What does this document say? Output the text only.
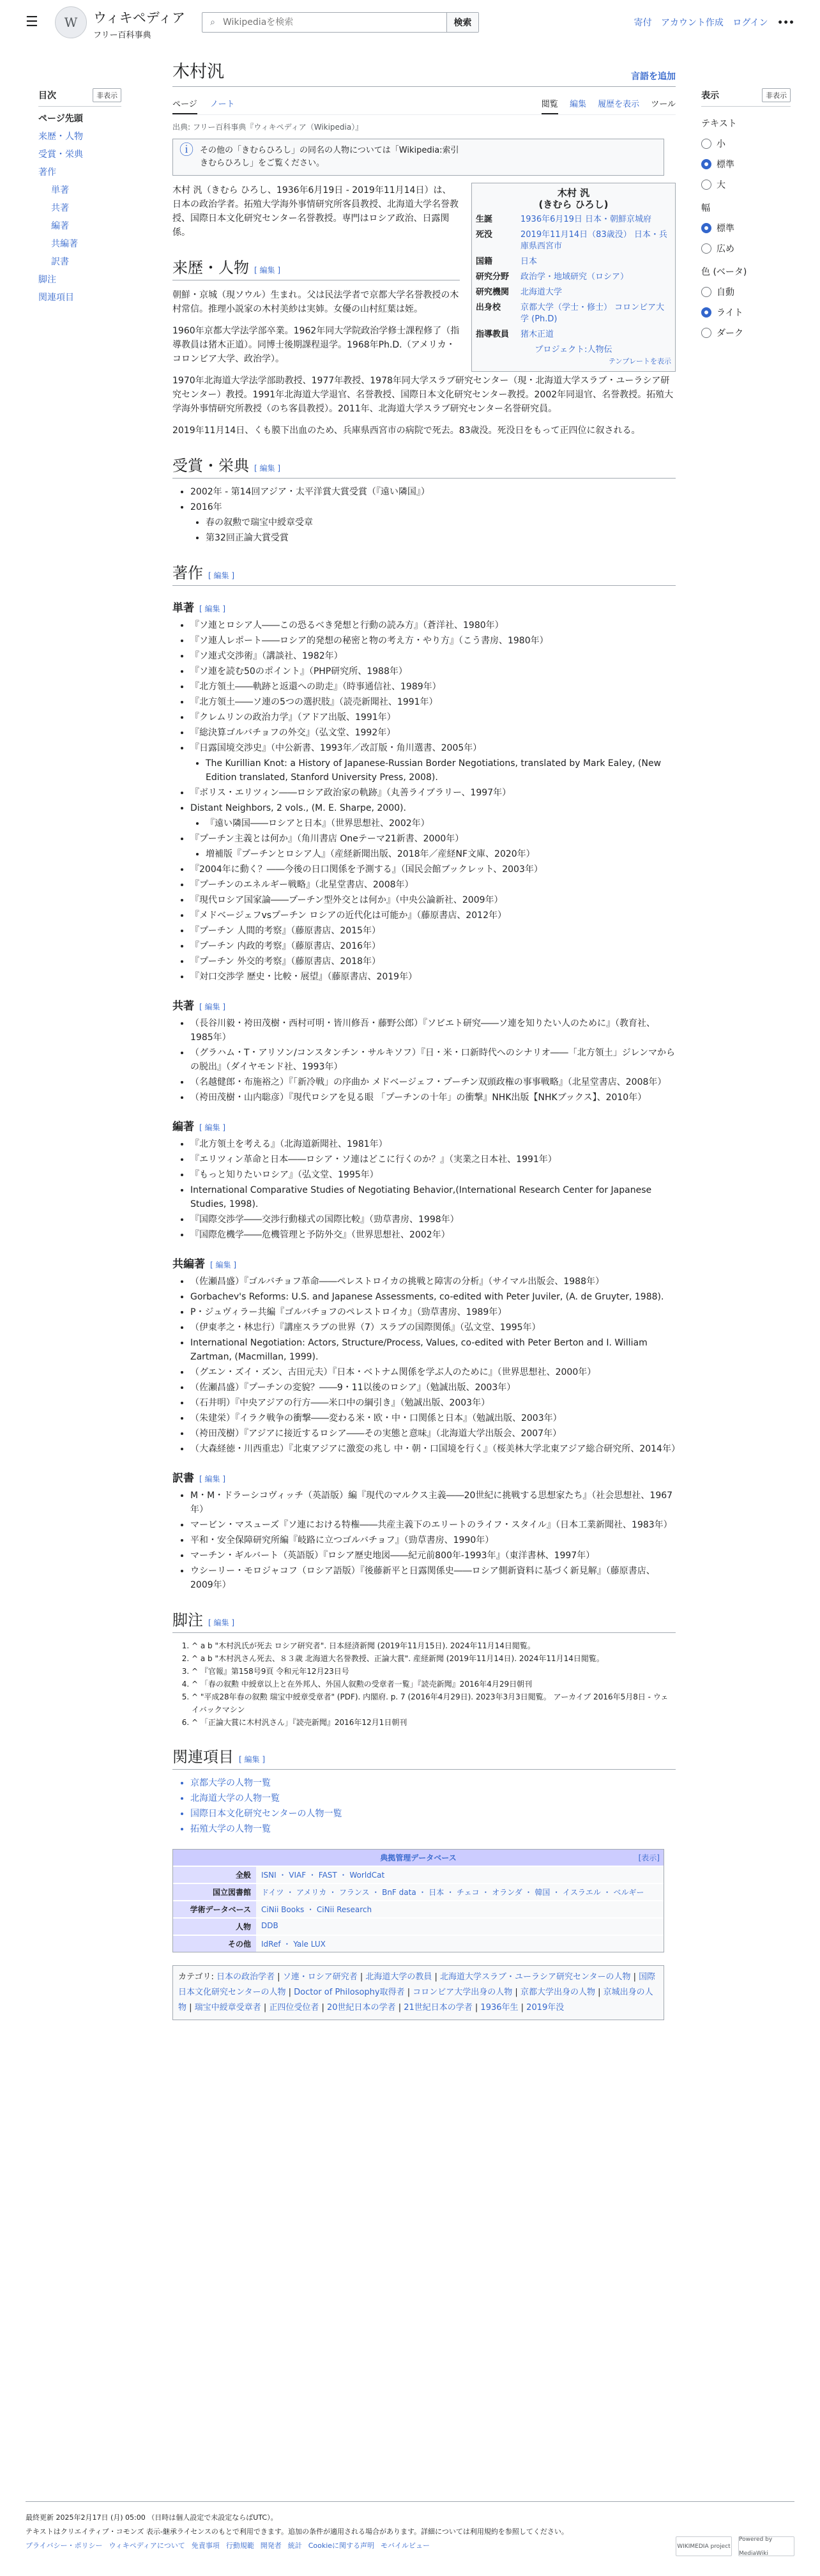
☰	W	ウィキペディア
フリー百科事典
⌕
Wikipediaを検索	検索	寄付 アカウント作成 ログイン •••
目次	非表示
ページ先頭
来歴・人物
受賞・栄典
著作
単著
共著
編著
共編著
訳書
脚注
関連項目
表示	非表示
テキスト
小
標準
大
幅
標準
広め
色 (ベータ)
自動
ライト
ダーク
木村汎	言語を追加
ページ ノート	閲覧 編集 履歴を表示 ツール
出典: フリー百科事典『ウィキペディア（Wikipedia）』
ⓘ その他の「きむらひろし」の同名の人物については「Wikipedia:索引 きむらひろし」をご覧ください。

木村 汎（きむら ひろし、1936年6月19日 - 2019年11月14日）は、日本の政治学者。拓殖大学海外事情研究所客員教授、北海道大学名誉教授、国際日本文化研究センター名誉教授。専門はロシア政治、日露関係。

来歴・人物 [ 編集 ]

朝鮮・京城（現ソウル）生まれ。父は民法学者で京都大学名誉教授の木村常信。推理小説家の木村美紗は実姉。女優の山村紅葉は姪。

1960年京都大学法学部卒業。1962年同大学院政治学修士課程修了（指導教員は猪木正道）。同博士後期課程退学。1968年Ph.D.（アメリカ・コロンビア大学、政治学）。

1970年北海道大学法学部助教授、1977年教授、1978年同大学スラブ研究センター（現・北海道大学スラブ・ユーラシア研究センター）教授。1991年北海道大学退官、名誉教授、国際日本文化研究センター教授。2002年同退官、名誉教授。拓殖大学海外事情研究所教授（のち客員教授）。2011年、北海道大学スラブ研究センター名誉研究員。

2019年11月14日、くも膜下出血のため、兵庫県西宮市の病院で死去。83歳没。死没日をもって正四位に叙される。

受賞・栄典 [ 編集 ]
• 2002年 - 第14回アジア・太平洋賞大賞受賞（『遠い隣国』）
• 2016年
• 春の叙勲で瑞宝中綬章受章
• 第32回正論大賞受賞
著作 [ 編集 ]
単著 [ 編集 ]
• 『ソ連とロシア人――この恐るべき発想と行動の読み方』（蒼洋社、1980年）
• 『ソ連人レポート――ロシア的発想の秘密と物の考え方・やり方』（こう書房、1980年）
• 『ソ連式交渉術』（講談社、1982年）
• 『ソ連を読む50のポイント』（PHP研究所、1988年）
• 『北方領土――軌跡と返還への助走』（時事通信社、1989年）
• 『北方領土――ソ連の5つの選択肢』（読売新聞社、1991年）
• 『クレムリンの政治力学』（アドア出版、1991年）
• 『総決算ゴルバチョフの外交』（弘文堂、1992年）
• 『日露国境交渉史』（中公新書、1993年／改訂版・角川選書、2005年）
• The Kurillian Knot: a History of Japanese-Russian Border Negotiations, translated by Mark Ealey, (New Edition translated, Stanford University Press, 2008).
• 『ボリス・エリツィン――ロシア政治家の軌跡』（丸善ライブラリー、1997年）
• Distant Neighbors, 2 vols., (M. E. Sharpe, 2000).
• 『遠い隣国――ロシアと日本』（世界思想社、2002年）
• 『プーチン主義とは何か』（角川書店 Oneテーマ21新書、2000年）
• 増補版『プーチンとロシア人』（産経新聞出版、2018年／産経NF文庫、2020年）
• 『2004年に動く？――今後の日口関係を予測する』（国民会館ブックレット、2003年）
• 『プーチンのエネルギー戦略』（北星堂書店、2008年）
• 『現代ロシア国家論――プーチン型外交とは何か』（中央公論新社、2009年）
• 『メドベージェフvsプーチン ロシアの近代化は可能か』（藤原書店、2012年）
• 『プーチン 人間的考察』（藤原書店、2015年）
• 『プーチン 内政的考察』（藤原書店、2016年）
• 『プーチン 外交的考察』（藤原書店、2018年）
• 『対口交渉学 歴史・比較・展望』（藤原書店、2019年）
共著 [ 編集 ]
• （長谷川毅・袴田茂樹・西村可明・皆川修吾・藤野公郎）『ソビエト研究――ソ連を知りたい人のために』（教育社、1985年）
• （グラハム・T・アリソン/コンスタンチン・サルキソフ）『日・米・口新時代へのシナリオ――「北方領土」ジレンマからの脱出』（ダイヤモンド社、1993年）
• （名越健郎・布施裕之）『「新冷戦」の序曲か メドベージェフ・プーチン双頭政権の事事戦略』（北星堂書店、2008年）
• （袴田茂樹・山内聡彦）『現代ロシアを見る眼 「プーチンの十年」の衝撃』NHK出版【NHKブックス】、2010年）
編著 [ 編集 ]
• 『北方領土を考える』（北海道新聞社、1981年）
• 『エリツィン革命と日本――ロシア・ソ連はどこに行くのか？』（実業之日本社、1991年）
• 『もっと知りたいロシア』（弘文堂、1995年）
• International Comparative Studies of Negotiating Behavior,(International Research Center for Japanese Studies, 1998).
• 『国際交渉学――交渉行動様式の国際比較』（勁草書房、1998年）
• 『国際危機学――危機管理と予防外交』（世界思想社、2002年）
共編著 [ 編集 ]
• （佐瀬昌盛）『ゴルバチョフ革命――ペレストロイカの挑戦と障害の分析』（サイマル出版会、1988年）
• Gorbachev's Reforms: U.S. and Japanese Assessments, co-edited with Peter Juviler, (A. de Gruyter, 1988).
• P・ジュヴィラー共編『ゴルバチョフのペレストロイカ』（勁草書房、1989年）
• （伊東孝之・林忠行）『講座スラブの世界（7）スラブの国際関係』（弘文堂、1995年）
• International Negotiation: Actors, Structure/Process, Values, co-edited with Peter Berton and I. William Zartman, (Macmillan, 1999).
• （グエン・ズイ・ズン、古田元夫）『日本・ベトナム関係を学ぶ人のために』（世界思想社、2000年）
• （佐瀬昌盛）『プーチンの変貌？――9・11以後のロシア』（勉誠出版、2003年）
• （石井明）『中央アジアの行方――米口中の綱引き』（勉誠出版、2003年）
• （朱建栄）『イラク戦争の衝撃――変わる米・欧・中・口関係と日本』（勉誠出版、2003年）
• （袴田茂樹）『アジアに接近するロシア――その実態と意味』（北海道大学出版会、2007年）
• （大森経徳・川西重忠）『北東アジアに激変の兆し 中・朝・口国境を行く』（桜美林大学北東アジア総合研究所、2014年）
訳書 [ 編集 ]
• M・M・ドラーシコヴィッチ（英語版）編『現代のマルクス主義――20世紀に挑戦する思想家たち』（社会思想社、1967年）
• マービン・マスューズ『ソ連における特権――共産主義下のエリートのライフ・スタイル』（日本工業新聞社、1983年）
• 平和・安全保障研究所編『岐路に立つゴルバチョフ』（勁草書房、1990年）
• マーチン・ギルバート（英語版）『ロシア歴史地図――紀元前800年-1993年』（東洋書林、1997年）
• ウシーリー・モロジャコフ（ロシア語版）『後藤新平と日露関係史――ロシア側新資料に基づく新見解』（藤原書店、2009年）
脚注 [ 編集 ]
1. ^ a b "木村汎氏が死去 ロシア研究者". 日本経済新聞 (2019年11月15日). 2024年11月14日閲覧。
2. ^ a b "木村汎さん死去、８３歳 北海道大名誉教授、正論大賞". 産経新聞 (2019年11月14日). 2024年11月14日閲覧。
3. ^ 『官報』第158号9頁 令和元年12月23日号
4. ^ 「春の叙勲 中綬章以上と在外邦人、外国人叙勲の受章者一覧」『読売新聞』2016年4月29日朝刊
5. ^ "平成28年春の叙勲 瑞宝中綬章受章者" (PDF). 内閣府. p. 7 (2016年4月29日). 2023年3月3日閲覧。 アーカイブ 2016年5月8日 - ウェイバックマシン
6. ^ 「正論大賞に木村汎さん」『読売新聞』2016年12月1日朝刊
関連項目 [ 編集 ]
• 京都大学の人物一覧
• 北海道大学の人物一覧
• 国際日本文化研究センターの人物一覧
• 拓殖大学の人物一覧
典拠管理データベース	[表示]
全般	ISNI ・ VIAF ・ FAST ・ WorldCat
国立図書館	ドイツ ・ アメリカ ・ フランス ・ BnF data ・ 日本 ・ チェコ ・ オランダ ・ 韓国 ・ イスラエル ・ ベルギー
学術データベース	CiNii Books ・ CiNii Research
人物	DDB
その他	IdRef ・ Yale LUX
カテゴリ: 日本の政治学者 | ソ連・ロシア研究者 | 北海道大学の教員 | 北海道大学スラブ・ユーラシア研究センターの人物 | 国際日本文化研究センターの人物 | Doctor of Philosophy取得者 | コロンビア大学出身の人物 | 京都大学出身の人物 | 京城出身の人物 | 瑞宝中綬章受章者 | 正四位受位者 | 20世紀日本の学者 | 21世紀日本の学者 | 1936年生 | 2019年没
木村 汎
(きむら ひろし)
生誕	1936年6月19日 日本・朝鮮京城府
死没	2019年11月14日（83歳没） 日本・兵庫県西宮市
国籍	日本
研究分野	政治学・地域研究（ロシア）
研究機関	北海道大学
出身校	京都大学（学士・修士） コロンビア大学 (Ph.D)
指導教員	猪木正道
プロジェクト:人物伝
テンプレートを表示
最終更新 2025年2月17日 (月) 05:00 （日時は個人設定で未設定ならばUTC）。
テキストはクリエイティブ・コモンズ 表示-継承ライセンスのもとで利用できます。追加の条件が適用される場合があります。詳細については利用規約を参照してください。
プライバシー・ポリシー ウィキペディアについて 免責事項 行動規範 開発者 統計 Cookieに関する声明 モバイルビュー	WIKIMEDIA project
Powered by MediaWiki
